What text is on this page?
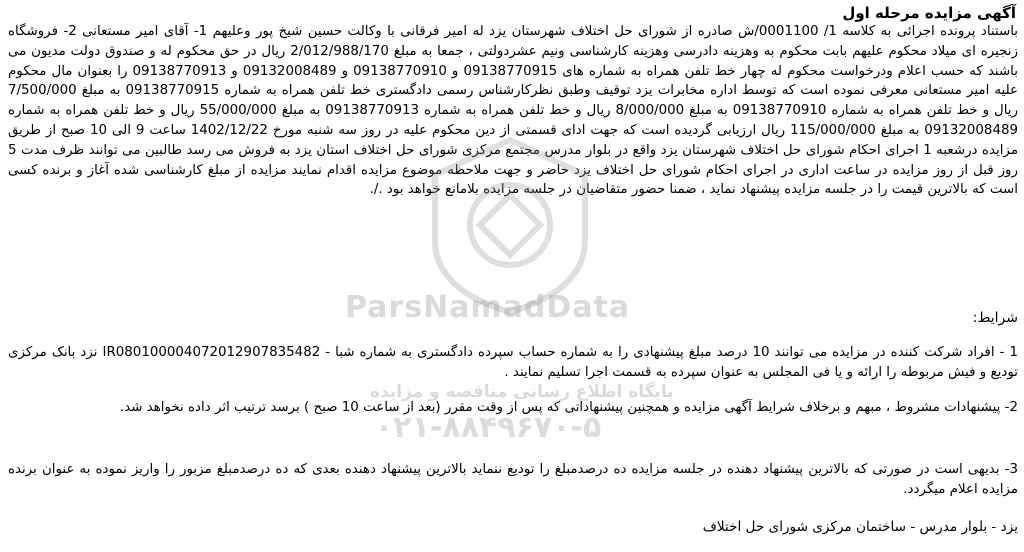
آگهی مزایده مرحله اول
باستناد پرونده اجرائی به کلاسه 1/ 0001100/ش صادره از شورای حل اختلاف شهرستان یزد له امیر فرقانی با وکالت حسین شیخ پور وعلیهم 1- آقای امیر مستعانی 2- فروشگاه زنجیره ای میلاد محکوم علیهم بابت محکوم به وهزینه دادرسی وهزینه کارشناسی ونیم عشردولتی ، جمعا به مبلغ 2/012/988/170 ریال در حق محکوم له و صندوق دولت مدیون می باشند که حسب اعلام ودرخواست محکوم له چهار خط تلفن همراه به شماره های 09138770915 و 09138770910 و 09132008489 و 09138770913 را بعنوان مال محکوم علیه امیر مستعانی معرفی نموده است که توسط اداره مخابرات یزد توقیف وطبق نظرکارشناس رسمی دادگستری خط تلفن همراه به شماره 09138770915 به مبلغ 7/500/000 ریال و خط تلفن همراه به شماره 09138770910 به مبلغ 8/000/000 ریال و خط تلفن همراه به شماره 09138770913 به مبلغ 55/000/000 ریال و خط تلفن همراه به شماره 09132008489 به مبلغ 115/000/000 ریال ارزیابی گردیده است که جهت ادای قسمتی از دین محکوم علیه در روز سه شنبه مورخ 1402/12/22 ساعت 9 الی 10 صبح از طریق مزایده درشعبه 1 اجرای احکام شورای حل اختلاف شهرستان یزد واقع در بلوار مدرس مجتمع مرکزی شورای حل اختلاف استان یزد به فروش می رسد طالبین می توانند ظرف مدت 5 روز قبل از روز مزایده در ساعت اداری در اجرای احکام شورای حل اختلاف یزد حاضر و جهت ملاحظه موضوع مزایده اقدام نمایند مزایده از مبلغ کارشناسی شده آغاز و برنده کسی است که بالاترین قیمت را در جلسه مزایده پیشنهاد نماید ، ضمنا حضور متقاضیان در جلسه مزایده بلامانع خواهد بود ./.
شرایط:
1 - افراد شرکت کننده در مزایده می توانند 10 درصد مبلغ پیشنهادی را به شماره حساب سپرده دادگستری به شماره شبا - IR080100004072012907835482 نزد بانک مرکزی تودیع و فیش مربوطه را ارائه و یا فی المجلس به عنوان سپرده به قسمت اجرا تسلیم نمایند .
2- پیشنهادات مشروط ، مبهم و برخلاف شرایط آگهی مزایده و همچنین پیشنهاداتی که پس از وقت مقرر (بعد از ساعت 10 صبح ) برسد ترتیب اثر داده نخواهد شد.
3- بدیهی است در صورتی که بالاترین پیشنهاد دهنده در جلسه مزایده ده درصدمبلغ را تودیع ننماید بالاترین پیشنهاد دهنده بعدی که ده درصدمبلغ مزبور را واریز نموده به عنوان برنده مزایده اعلام میگردد.
یزد - بلوار مدرس - ساختمان مرکزی شورای حل اختلاف
ParsNamadData
پایگاه اطلاع رسانی مناقصه و مزایده
۰۲۱-۸۸۴۹۶۷۰-۵
